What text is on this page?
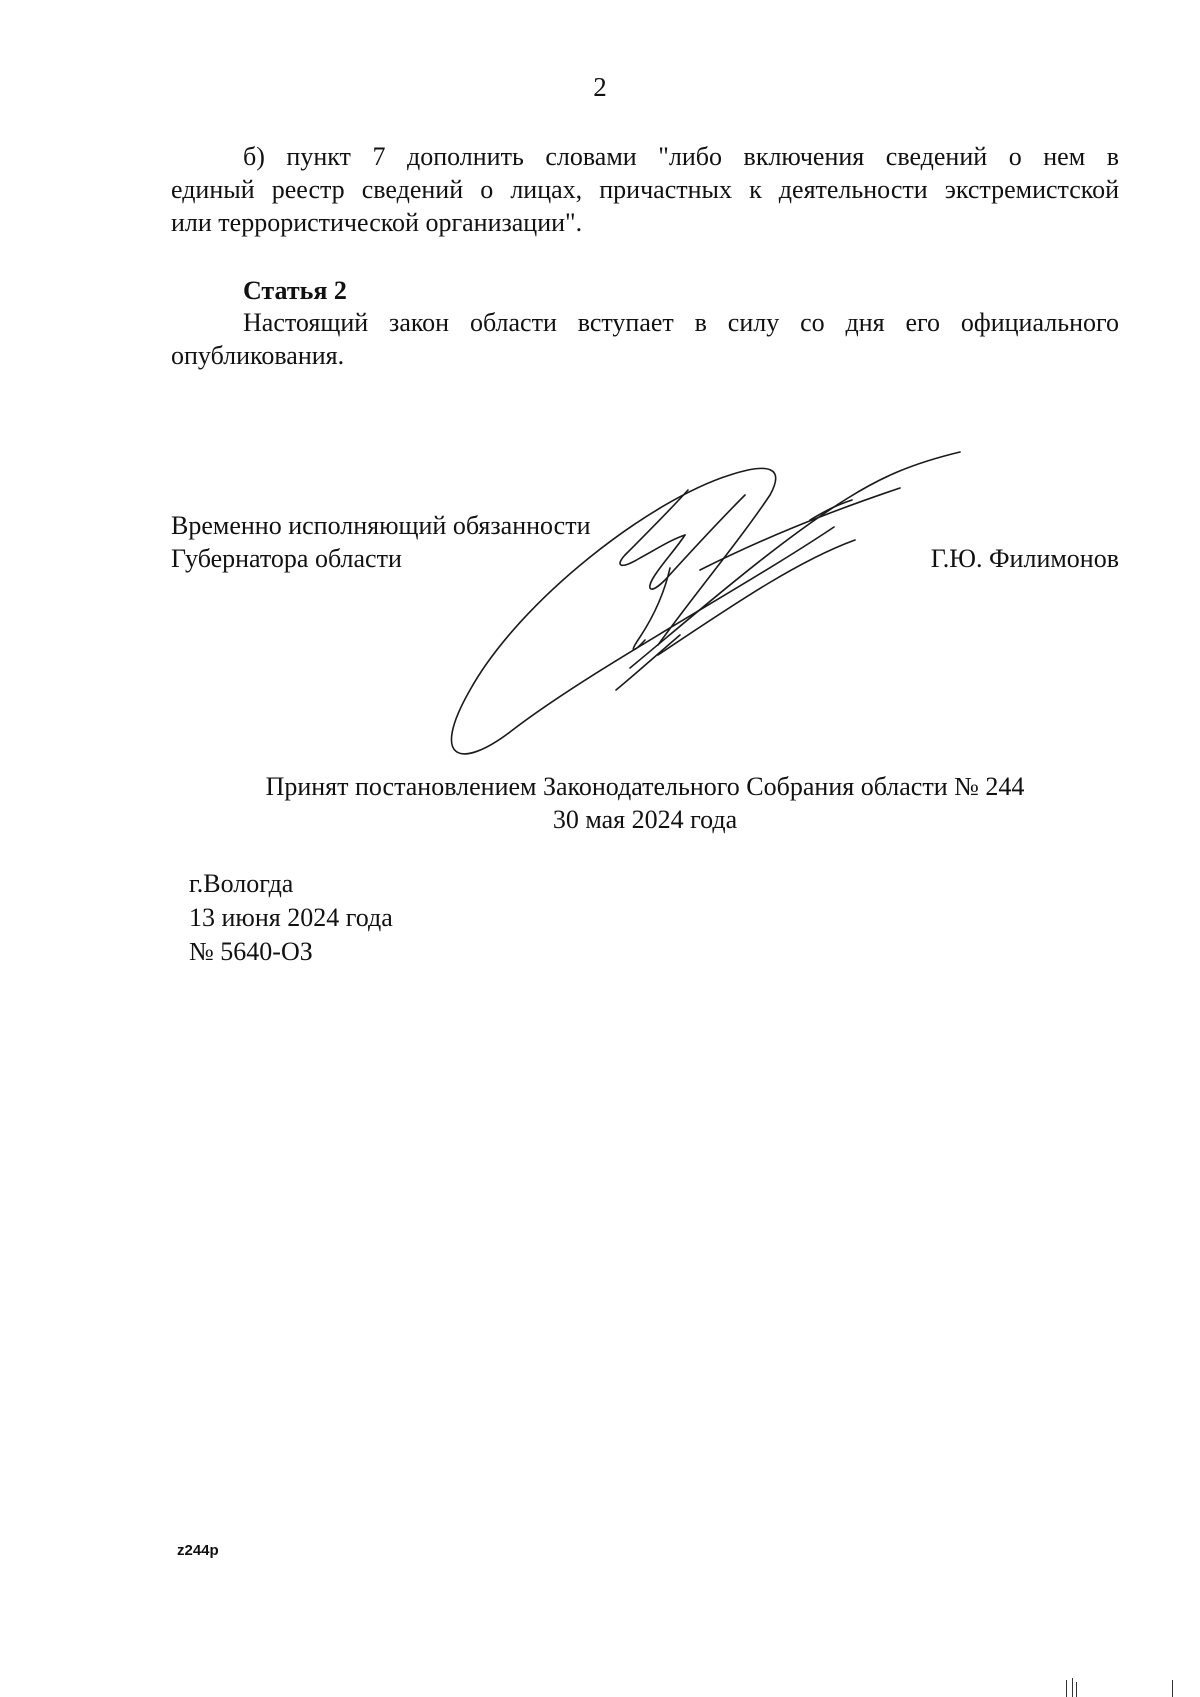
2
б) пункт 7 дополнить словами "либо включения сведений о нем в
единый реестр сведений о лицах, причастных к деятельности экстремистской
или террористической организации".
Статья 2
Настоящий закон области вступает в силу со дня его официального
опубликования.
Временно исполняющий обязанности
Губернатора области	Г.Ю. Филимонов
Принят постановлением Законодательного Собрания области № 244
30 мая 2024 года
г.Вологда
13 июня 2024 года
№ 5640-ОЗ
z244p
